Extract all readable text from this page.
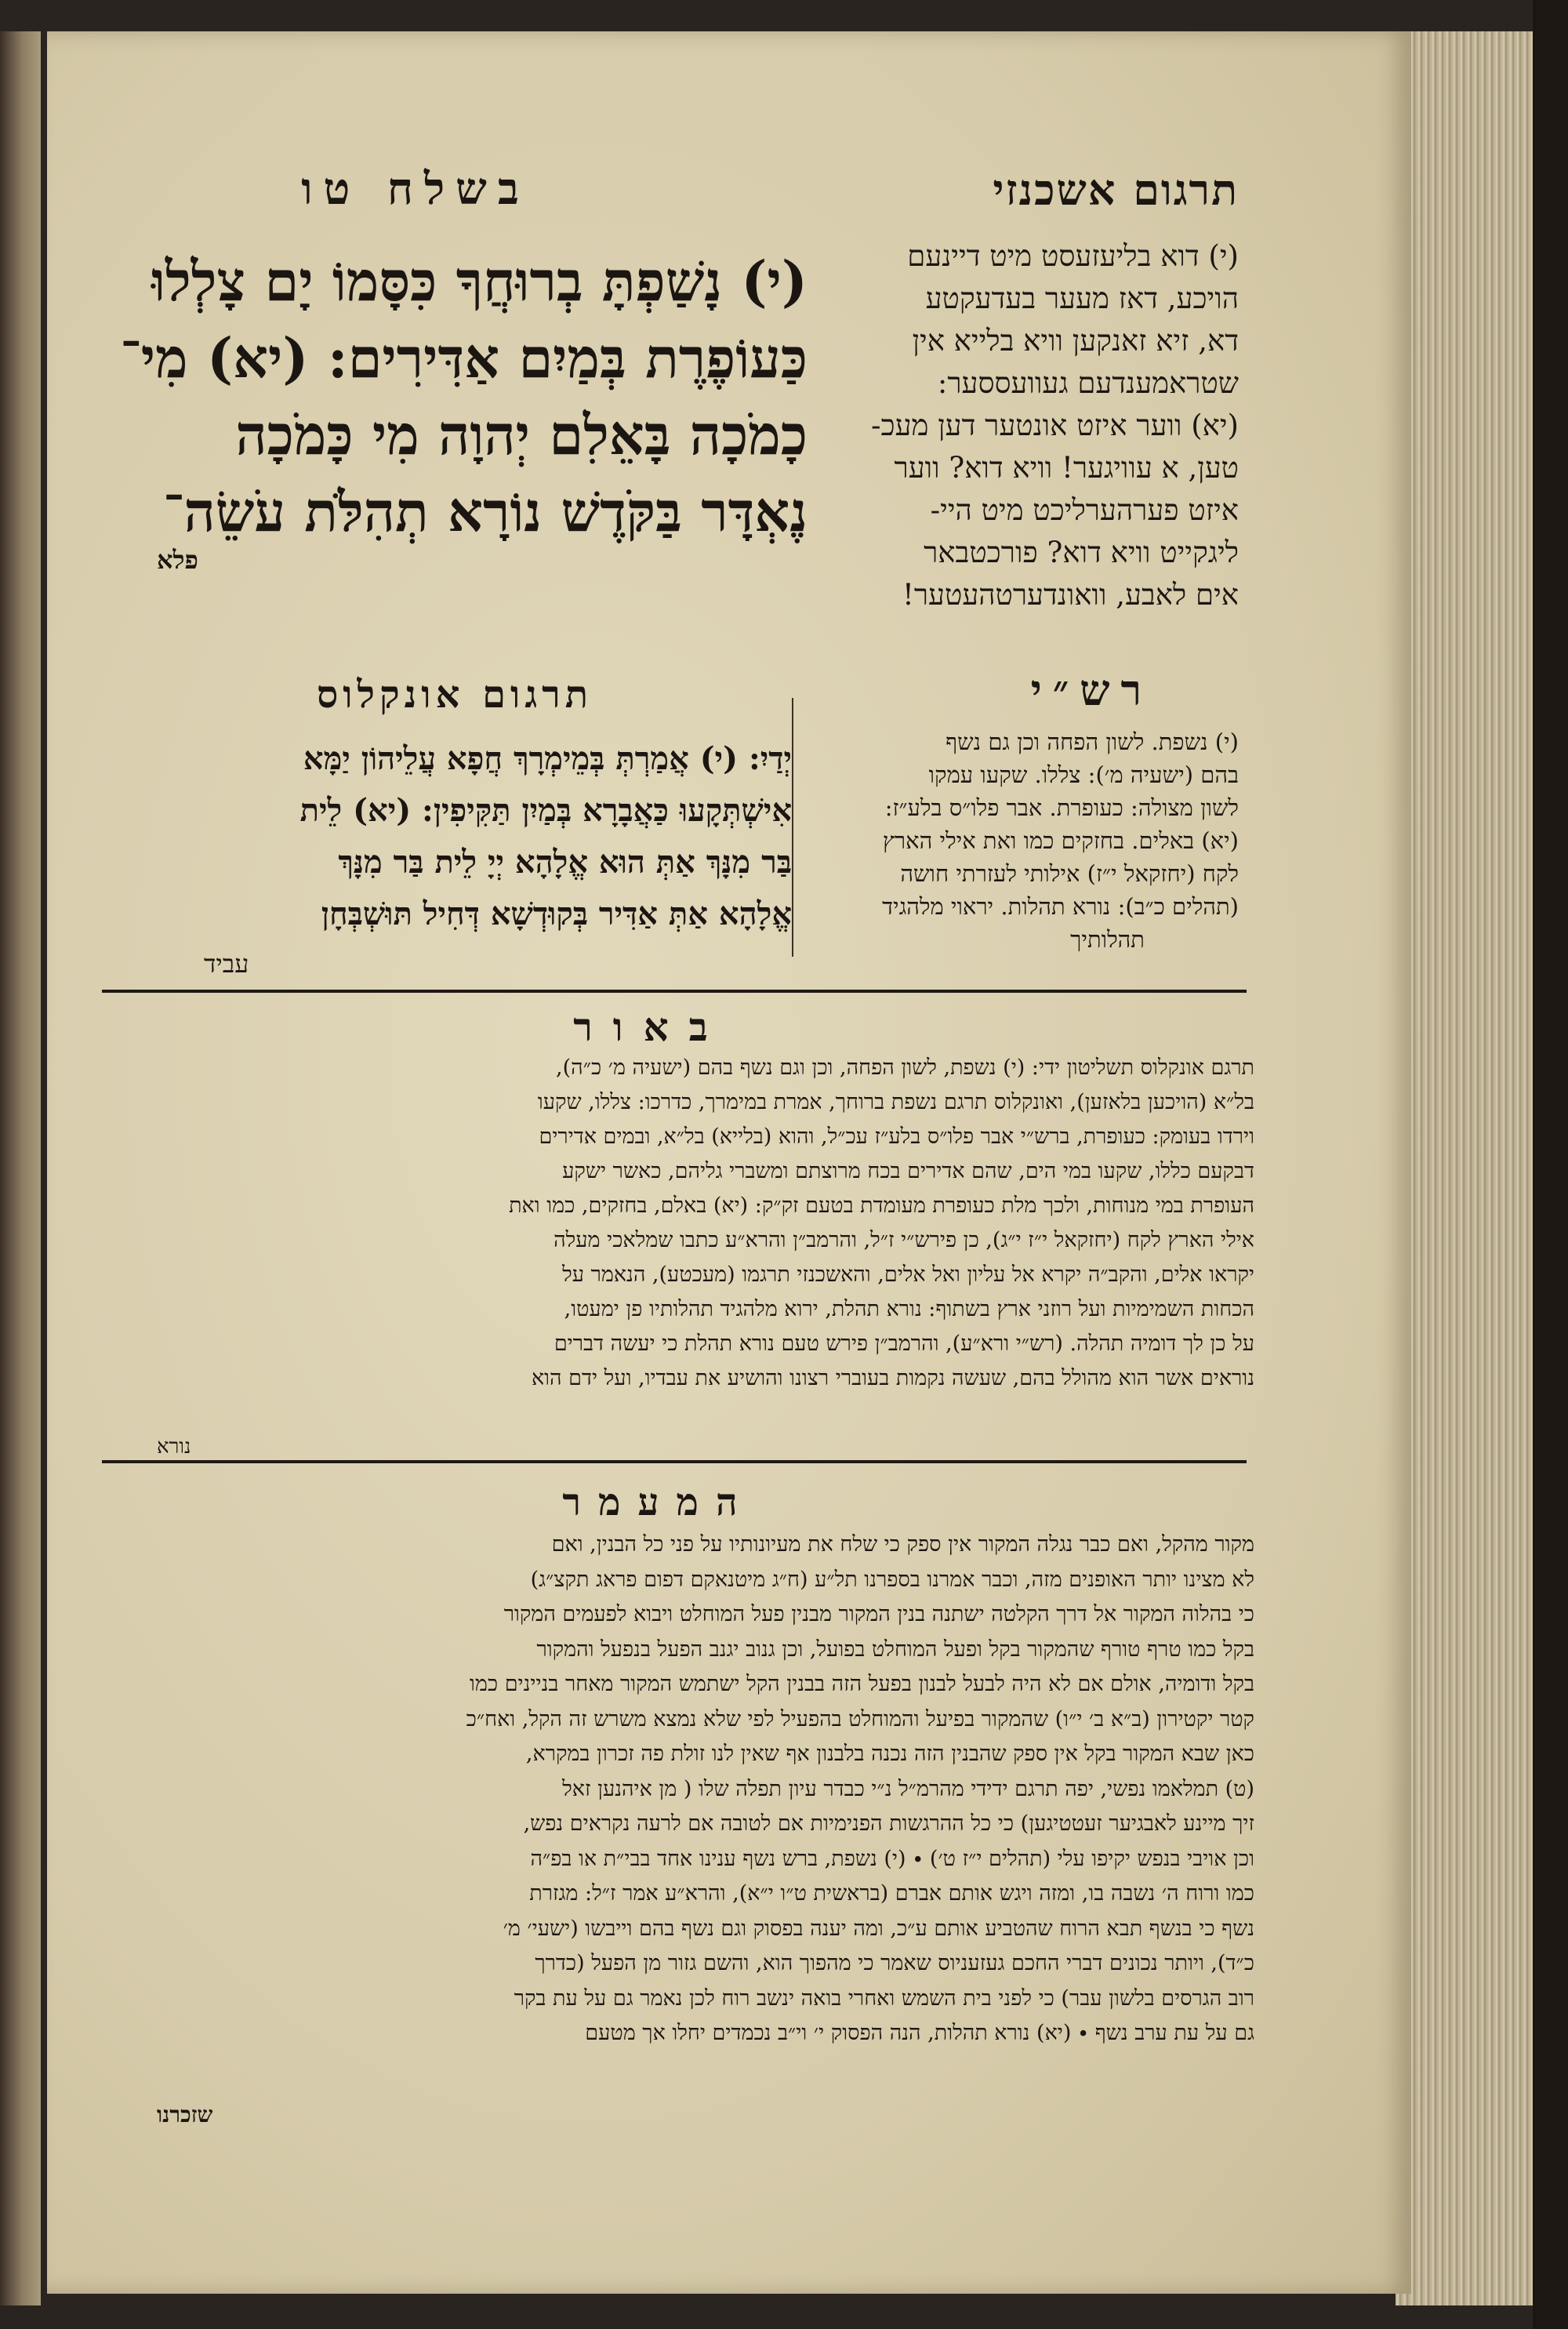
תרגום אשכנזי
(י) דוא בליעזעסט מיט דיינעם
הויכע, דאז מעער בעדעקטע
דא, זיא זאנקען וויא בלייא אין
שטראמענדעם געוועססער:
(יא) ווער איזט אונטער דען מעכ-
טען, א עוויגער! וויא דוא? ווער
איזט פערהערליכט מיט היי-
ליגקייט וויא דוא? פורכטבאר
אים לאבע, וואונדערטהעטער!
בשלח טו
(י) נָשַׁפְתָּ בְרוּחֲךָ כִּסָּמוֹ יָם צָלְלוּ
כַּעוֹפֶרֶת בְּמַיִם אַדִּירִים: (יא) מִי־
כָמֹכָה בָּאֵלִם יְהוָה מִי כָּמֹכָה
נֶאְדָּר בַּקֹּדֶשׁ נוֹרָא תְהִלֹּת עֹשֵׂה־
פלא
רש״י
(י) נשפת. לשון הפחה וכן גם נשף
בהם (ישעיה מ׳): צללו. שקעו עמקו
לשון מצולה: כעופרת. אבר פלו״ס בלע״ז:
(יא) באלים. בחזקים כמו ואת אילי הארץ
לקח (יחזקאל י״ז) אילותי לעזרתי חושה
(תהלים כ״ב): נורא תהלות. יראוי מלהגיד
תהלותיך
תרגום אונקלוס
יְדַיִ: (י) אֲמַרְתְּ בְּמֵימְרָךְ חֲפָא עֲלֵיהוֹן יַמָּא
אִישְׁתְּקָעוּ כַּאֲבָרָא בְּמַיִן תַּקִּיפִין: (יא) לֵית
בַּר מִנָּךְ אַתְּ הוּא אֱלָהָא יְיָ לֵית בַּר מִנָּךְ
אֱלָהָא אַתְּ אַדִּיר בְּקוּדְשָׁא דְּחִיל תּוּשְׁבְּחָן
עביד
באור
תרגם אונקלוס תשליטון ידי: (י) נשפת, לשון הפחה, וכן וגם נשף בהם (ישעיה מ׳ כ״ה),
בל״א (הויכען בלאזען), ואונקלוס תרגם נשפת ברוחך, אמרת במימרך, כדרכו: צללו, שקעו
וירדו בעומק: כעופרת, ברש״י אבר פלו״ס בלע״ז עכ״ל, והוא (בלייא) בל״א, ובמים אדירים
דבקעם כללו, שקעו במי הים, שהם אדירים בכח מרוצתם ומשברי גליהם, כאשר ישקע
העופרת במי מנוחות, ולכך מלת כעופרת מעומדת בטעם זק״ק: (יא) באלם, בחזקים, כמו ואת
אילי הארץ לקח (יחזקאל י״ז י״ג), כן פירש״י ז״ל, והרמב״ן והרא״ע כתבו שמלאכי מעלה
יקראו אלים, והקב״ה יקרא אל עליון ואל אלים, והאשכנזי תרגמו (מעכטע), הנאמר על
הכחות השמימיות ועל רוזני ארץ בשתוף: נורא תהלת, ירוא מלהגיד תהלותיו פן ימעטו,
על כן לך דומיה תהלה. (רש״י ורא״ע), והרמב״ן פירש טעם נורא תהלת כי יעשה דברים
נוראים אשר הוא מהולל בהם, שעשה נקמות בעוברי רצונו והושיע את עבדיו, ועל ידם הוא
נורא
המעמר
מקור מהקל, ואם כבר נגלה המקור אין ספק כי שלח את מעיונותיו על פני כל הבנין, ואם
לא מצינו יותר האופנים מזה, וכבר אמרנו בספרנו תל״ע (ח״ג מיטנאקם דפום פראג תקצ״ג)
כי בהלוה המקור אל דרך הקלטה ישתנה בנין המקור מבנין פעל המוחלט ויבוא לפעמים המקור
בקל כמו טרף טורף שהמקור בקל ופעל המוחלט בפועל, וכן גנוב יגנב הפעל בנפעל והמקור
בקל ודומיה, אולם אם לא היה לבעל לבנון בפעל הזה בבנין הקל ישתמש המקור מאחר בניינים כמו
קטר יקטירון (ב״א ב׳ י״ו) שהמקור בפיעל והמוחלט בהפעיל לפי שלא נמצא משרש זה הקל, ואח״כ
כאן שבא המקור בקל אין ספק שהבנין הזה נכנה בלבנון אף שאין לנו זולת פה זכרון במקרא,
(ט) תמלאמו נפשי, יפה תרגם ידידי מהרמ״ל נ״י כבדר עיון תפלה שלו ( מן איהנען זאל
זיך מיינע לאבגיער זעטטיגען) כי כל ההרגשות הפנימיות אם לטובה אם לרעה נקראים נפש,
וכן אויבי בנפש יקיפו עלי (תהלים י״ז ט׳) ∙ (י) נשפת, ברש נשף ענינו אחד בבי״ת או בפ״ה
כמו ורוח ה׳ נשבה בו, ומזה ויגש אותם אברם (בראשית ט״ו י״א), והרא״ע אמר ז״ל: מגזרת
נשף כי בנשף תבא הרוח שהטביע אותם ע״כ, ומה יענה בפסוק וגם נשף בהם וייבשו (ישעי׳ מ׳
כ״ד), ויותר נכונים דברי החכם געזעניוס שאמר כי מהפוך הוא, והשם גזור מן הפעל (כדרך
רוב הגרסים בלשון עבר) כי לפני בית השמש ואחרי בואה ינשב רוח לכן נאמר גם על עת בקר
גם על עת ערב נשף ∙ (יא) נורא תהלות, הנה הפסוק י׳ וי״ב נכמדים יחלו אך מטעם
שזכרנו
